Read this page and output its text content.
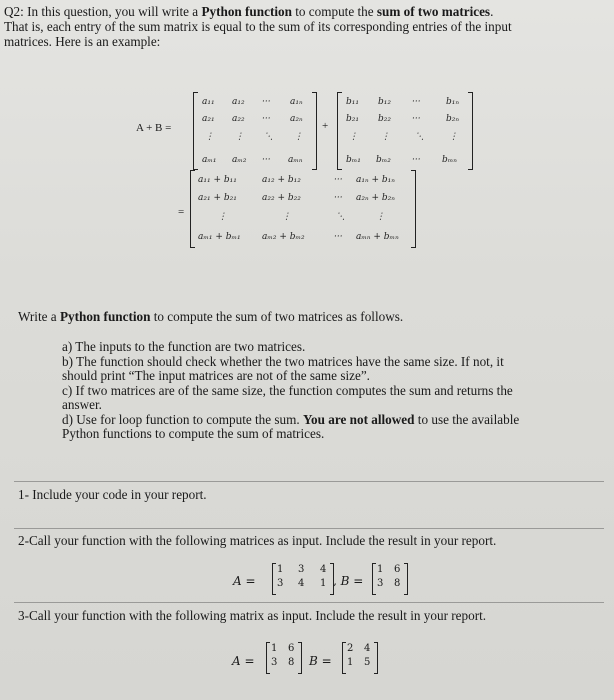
Q2: In this question, you will write a Python function to compute the sum of two matrices.
That is, each entry of the sum matrix is equal to the sum of its corresponding entries of the input
matrices. Here is an example:
A + B =	+
=
a₁₁ a₁₂ ··· a₁ₙ
a₂₁ a₂₂ ··· a₂ₙ
⋮ ⋮ ⋱ ⋮
aₘ₁ aₘ₂ ··· aₘₙ
b₁₁ b₁₂ ···	b₁ₙ
b₂₁ b₂₂ ···	b₂ₙ
⋮	⋮	⋱	⋮
bₘ₁ bₘ₂ ··· bₘₙ
a₁₁ + b₁₁	a₁₂ + b₁₂	··· a₁ₙ + b₁ₙ
a₂₁ + b₂₁	a₂₂ + b₂₂	··· a₂ₙ + b₂ₙ
⋮	⋮	⋱	⋮
aₘ₁ + bₘ₁ aₘ₂ + bₘ₂	··· aₘₙ + bₘₙ
Write a Python function to compute the sum of two matrices as follows.
a) The inputs to the function are two matrices.
b) The function should check whether the two matrices have the same size. If not, it
should print “The input matrices are not of the same size”.
c) If two matrices are of the same size, the function computes the sum and returns the
answer.
d) Use for loop function to compute the sum. You are not allowed to use the available
Python functions to compute the sum of matrices.
1- Include your code in your report.
2-Call your function with the following matrices as input. Include the result in your report.
A =
1 3 4
3 4 1 , B =
1 6
3 8
3-Call your function with the following matrix as input. Include the result in your report.
A =
1 6
3 8 B =
2 4
1 5
